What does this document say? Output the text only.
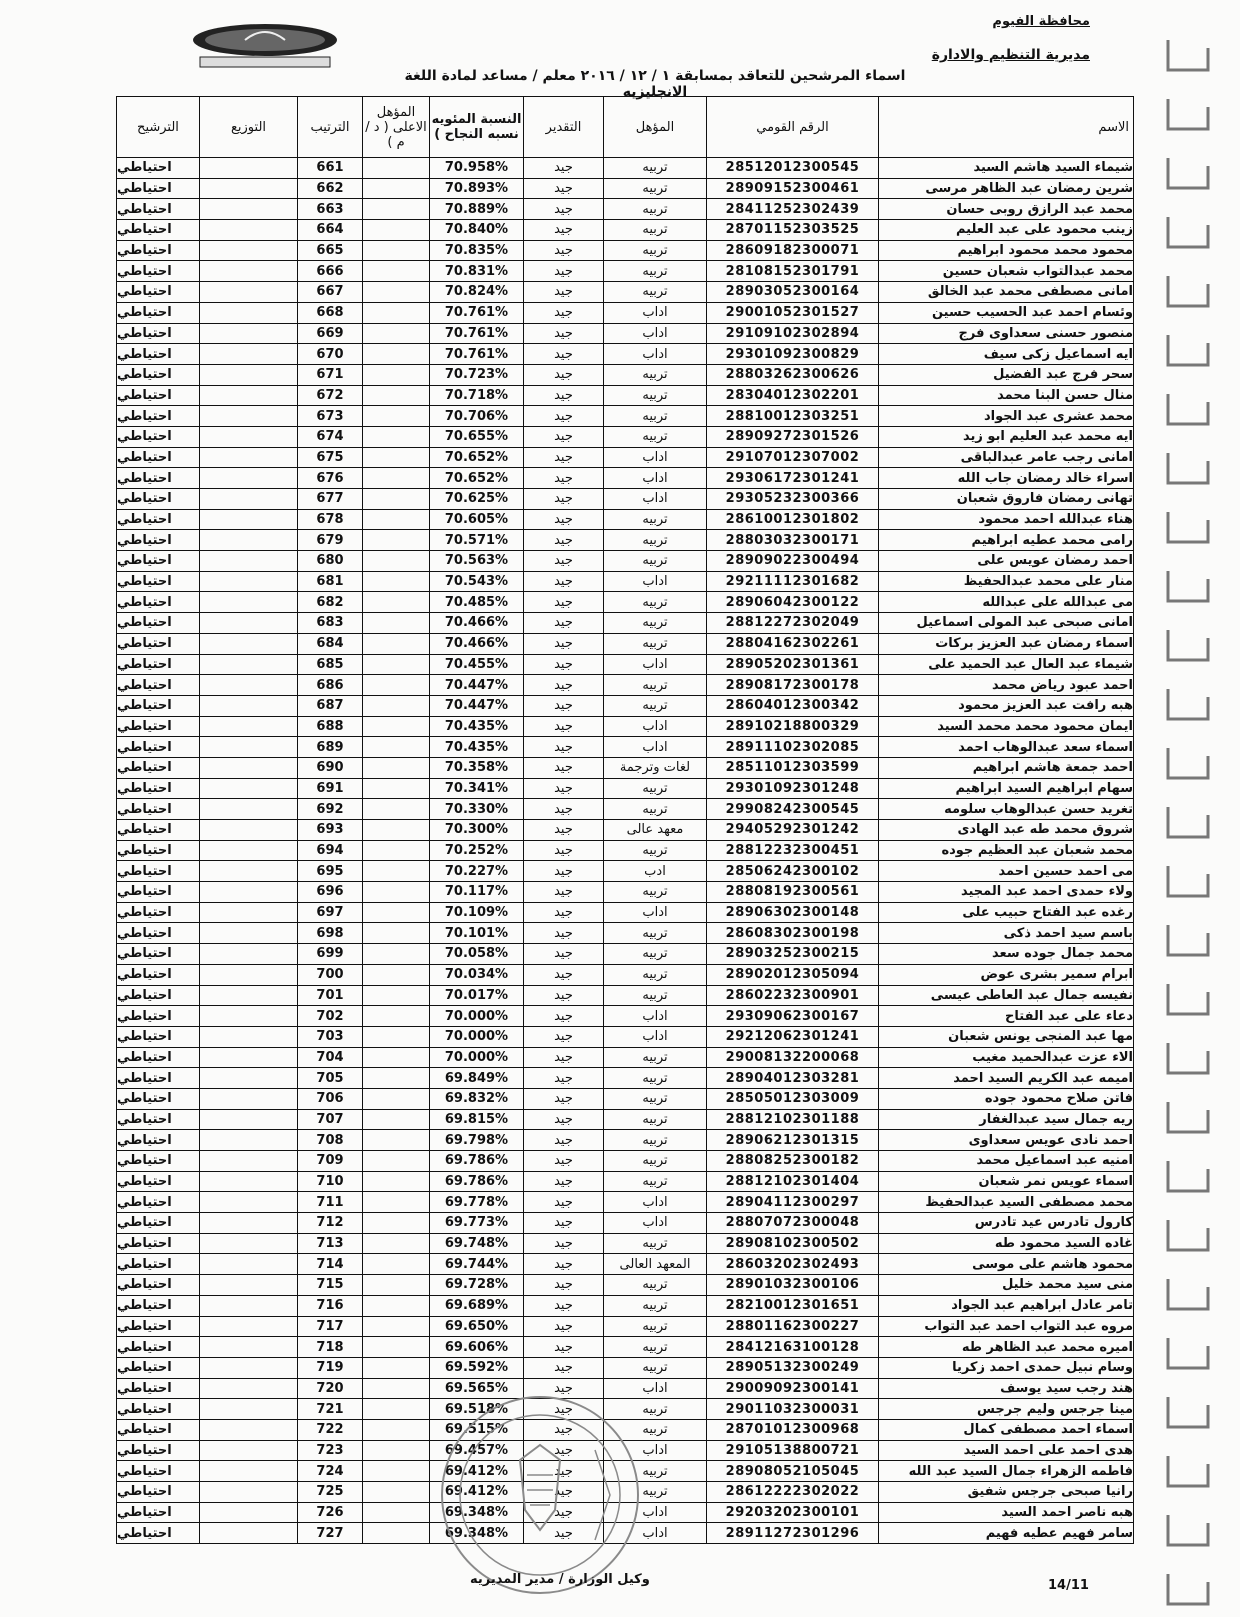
محافظة الفيوم
مديرية التنظيم والادارة
اسماء المرشحين للتعاقد بمسابقة ١ / ١٢ / ٢٠١٦ معلم / مساعد لمادة اللغة الانجليزيه
الاسم	الرقم القومي	المؤهل	التقدير	النسبة المئويه نسبه النجاح )	المؤهل الاعلى ( د / م )	الترتيب	التوزيع	الترشيح
شيماء السيد هاشم السيد	28512012300545	تربيه	جيد	70.958%		661		احتياطي
شرين رمضان عبد الظاهر مرسى	28909152300461	تربيه	جيد	70.893%		662		احتياطي
محمد عبد الرازق روبى حسان	28411252302439	تربيه	جيد	70.889%		663		احتياطي
زينب محمود على عبد العليم	28701152303525	تربيه	جيد	70.840%		664		احتياطي
محمود محمد محمود ابراهيم	28609182300071	تربيه	جيد	70.835%		665		احتياطي
محمد عبدالتواب شعبان حسين	28108152301791	تربيه	جيد	70.831%		666		احتياطي
امانى مصطفى محمد عبد الخالق	28903052300164	تربيه	جيد	70.824%		667		احتياطي
وئسام احمد عبد الحسيب حسين	29001052301527	اداب	جيد	70.761%		668		احتياطي
منصور حسنى سعداوى فرج	29109102302894	اداب	جيد	70.761%		669		احتياطي
ايه اسماعيل زكى سيف	29301092300829	اداب	جيد	70.761%		670		احتياطي
سحر فرج عبد الفضيل	28803262300626	تربيه	جيد	70.723%		671		احتياطي
منال حسن البنا محمد	28304012302201	تربيه	جيد	70.718%		672		احتياطي
محمد عشرى عبد الجواد	28810012303251	تربيه	جيد	70.706%		673		احتياطي
ايه محمد عبد العليم ابو زيد	28909272301526	تربيه	جيد	70.655%		674		احتياطي
امانى رجب عامر عبدالباقى	29107012307002	اداب	جيد	70.652%		675		احتياطي
اسراء خالد رمضان جاب الله	29306172301241	اداب	جيد	70.652%		676		احتياطي
تهانى رمضان فاروق شعبان	29305232300366	اداب	جيد	70.625%		677		احتياطي
هناء عبدالله احمد محمود	28610012301802	تربيه	جيد	70.605%		678		احتياطي
رامى محمد عطيه ابراهيم	28803032300171	تربيه	جيد	70.571%		679		احتياطي
احمد رمضان عويس على	28909022300494	تربيه	جيد	70.563%		680		احتياطي
منار على محمد عبدالحفيظ	29211112301682	اداب	جيد	70.543%		681		احتياطي
مى عبدالله على عبدالله	28906042300122	تربيه	جيد	70.485%		682		احتياطي
امانى صبحى عبد المولى اسماعيل	28812272302049	تربيه	جيد	70.466%		683		احتياطي
اسماء رمضان عبد العزيز بركات	28804162302261	تربيه	جيد	70.466%		684		احتياطي
شيماء عبد العال عبد الحميد على	28905202301361	اداب	جيد	70.455%		685		احتياطي
احمد عبود رياض محمد	28908172300178	تربيه	جيد	70.447%		686		احتياطي
هبه رافت عبد العزيز محمود	28604012300342	تربيه	جيد	70.447%		687		احتياطي
ايمان محمود محمد محمد السيد	28910218800329	اداب	جيد	70.435%		688		احتياطي
اسماء سعد عبدالوهاب احمد	28911102302085	اداب	جيد	70.435%		689		احتياطي
احمد جمعة هاشم ابراهيم	28511012303599	لغات وترجمة	جيد	70.358%		690		احتياطي
سهام ابراهيم السيد ابراهيم	29301092301248	تربيه	جيد	70.341%		691		احتياطي
تغريد حسن عبدالوهاب سلومه	29908242300545	تربيه	جيد	70.330%		692		احتياطي
شروق محمد طه عبد الهادى	29405292301242	معهد عالى	جيد	70.300%		693		احتياطي
محمد شعبان عبد العظيم جوده	28812232300451	تربيه	جيد	70.252%		694		احتياطي
مى احمد حسين احمد	28506242300102	ادب	جيد	70.227%		695		احتياطي
ولاء حمدى احمد عبد المجيد	28808192300561	تربيه	جيد	70.117%		696		احتياطي
رغده عبد الفتاح حبيب على	28906302300148	اداب	جيد	70.109%		697		احتياطي
باسم سيد احمد ذكى	28608302300198	تربيه	جيد	70.101%		698		احتياطي
محمد جمال جوده سعد	28903252300215	تربيه	جيد	70.058%		699		احتياطي
ابرام سمير بشرى عوض	28902012305094	تربيه	جيد	70.034%		700		احتياطي
نفيسه جمال عبد العاطى عيسى	28602232300901	تربيه	جيد	70.017%		701		احتياطي
دعاء على عبد الفتاح	29309062300167	اداب	جيد	70.000%		702		احتياطي
مها عبد المنجى يونس شعبان	29212062301241	اداب	جيد	70.000%		703		احتياطي
الاء عزت عبدالحميد مغيب	29008132200068	تربيه	جيد	70.000%		704		احتياطي
اميمه عبد الكريم السيد احمد	28904012303281	تربيه	جيد	69.849%		705		احتياطي
فاتن صلاح محمود جوده	28505012303009	تربيه	جيد	69.832%		706		احتياطي
ريه جمال سيد عبدالغفار	28812102301188	تربيه	جيد	69.815%		707		احتياطي
احمد نادى عويس سعداوى	28906212301315	تربيه	جيد	69.798%		708		احتياطي
امنيه عبد اسماعيل محمد	28808252300182	تربيه	جيد	69.786%		709		احتياطي
اسماء عويس نمر شعبان	28812102301404	تربيه	جيد	69.786%		710		احتياطي
محمد مصطفى السيد عبدالحفيظ	28904112300297	اداب	جيد	69.778%		711		احتياطي
كارول تادرس عيد تادرس	28807072300048	اداب	جيد	69.773%		712		احتياطي
غاده السيد محمود طه	28908102300502	تربيه	جيد	69.748%		713		احتياطي
محمود هاشم على موسى	28603202302493	المعهد العالى	جيد	69.744%		714		احتياطي
منى سيد محمد خليل	28901032300106	تربيه	جيد	69.728%		715		احتياطي
تامر عادل ابراهيم عبد الجواد	28210012301651	تربيه	جيد	69.689%		716		احتياطي
مروه عبد التواب احمد عبد التواب	28801162300227	تربيه	جيد	69.650%		717		احتياطي
اميره محمد عبد الظاهر طه	28412163100128	تربيه	جيد	69.606%		718		احتياطي
وسام نبيل حمدى احمد زكريا	28905132300249	تربيه	جيد	69.592%		719		احتياطي
هند رجب سيد يوسف	29009092300141	اداب	جيد	69.565%		720		احتياطي
مينا جرجس وليم جرجس	29011032300031	تربيه	جيد	69.518%		721		احتياطي
اسماء احمد مصطفى كمال	28701012300968	تربيه	جيد	69.515%		722		احتياطي
هدى احمد على احمد السيد	29105138800721	اداب	جيد	69.457%		723		احتياطي
فاطمه الزهراء جمال السيد عبد الله	28908052105045	تربيه	جيد	69.412%		724		احتياطي
رانيا صبحى جرجس شفيق	28612222302022	تربيه	جيد	69.412%		725		احتياطي
هبه ناصر احمد السيد	29203202300101	اداب	جيد	69.348%		726		احتياطي
سامر فهيم عطيه فهيم	28911272301296	اداب	جيد	69.348%		727		احتياطي
وكيل الوزارة / مدير المديريه	14/11
